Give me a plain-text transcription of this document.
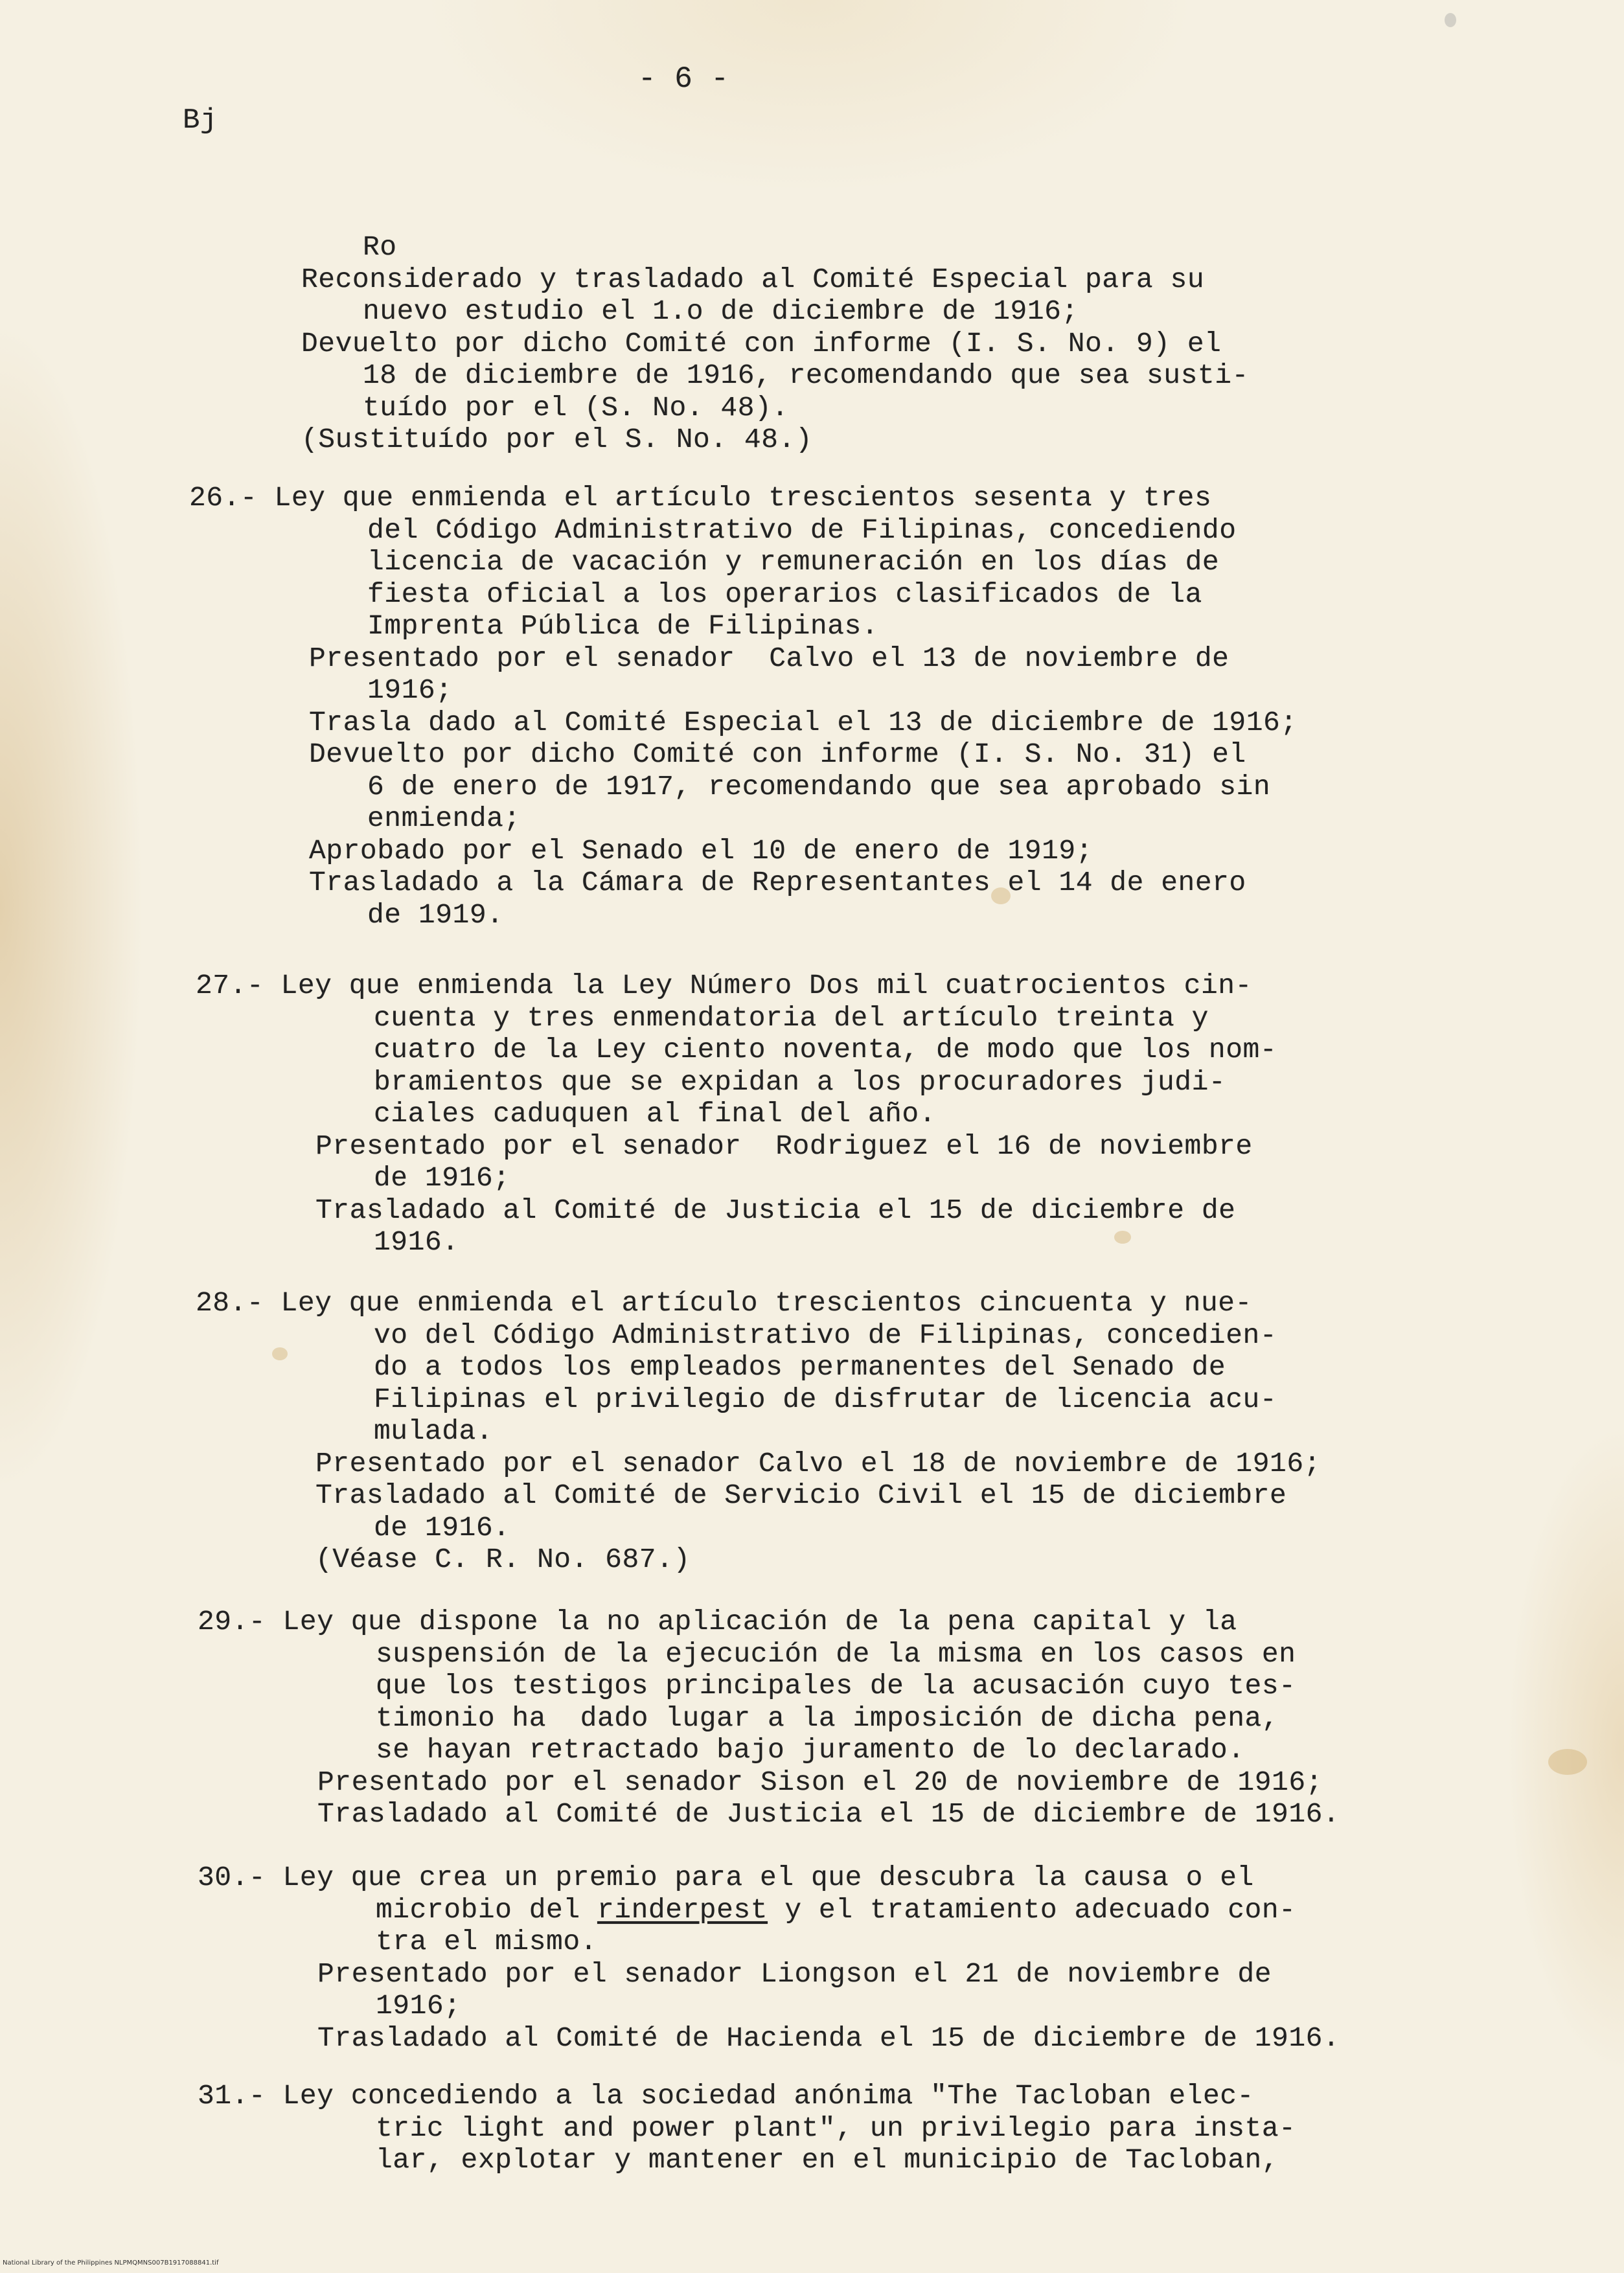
- 6 -
Bj

Ro
Reconsiderado y trasladado al Comité Especial para su
nuevo estudio el 1.o de diciembre de 1916;
Devuelto por dicho Comité con informe (I. S. No. 9) el
18 de diciembre de 1916, recomendando que sea susti-
tuído por el (S. No. 48).
(Sustituído por el S. No. 48.)

26.- Ley que enmienda el artículo trescientos sesenta y tres
del Código Administrativo de Filipinas, concediendo
licencia de vacación y remuneración en los días de
fiesta oficial a los operarios clasificados de la
Imprenta Pública de Filipinas.
Presentado por el senador  Calvo el 13 de noviembre de
1916;
Trasla dado al Comité Especial el 13 de diciembre de 1916;
Devuelto por dicho Comité con informe (I. S. No. 31) el
6 de enero de 1917, recomendando que sea aprobado sin
enmienda;
Aprobado por el Senado el 10 de enero de 1919;
Trasladado a la Cámara de Representantes el 14 de enero
de 1919.

27.- Ley que enmienda la Ley Número Dos mil cuatrocientos cin-
cuenta y tres enmendatoria del artículo treinta y
cuatro de la Ley ciento noventa, de modo que los nom-
bramientos que se expidan a los procuradores judi-
ciales caduquen al final del año.
Presentado por el senador  Rodriguez el 16 de noviembre
de 1916;
Trasladado al Comité de Justicia el 15 de diciembre de
1916.

28.- Ley que enmienda el artículo trescientos cincuenta y nue-
vo del Código Administrativo de Filipinas, concedien-
do a todos los empleados permanentes del Senado de
Filipinas el privilegio de disfrutar de licencia acu-
mulada.
Presentado por el senador Calvo el 18 de noviembre de 1916;
Trasladado al Comité de Servicio Civil el 15 de diciembre
de 1916.
(Véase C. R. No. 687.)

29.- Ley que dispone la no aplicación de la pena capital y la
suspensión de la ejecución de la misma en los casos en
que los testigos principales de la acusación cuyo tes-
timonio ha  dado lugar a la imposición de dicha pena,
se hayan retractado bajo juramento de lo declarado.
Presentado por el senador Sison el 20 de noviembre de 1916;
Trasladado al Comité de Justicia el 15 de diciembre de 1916.

30.- Ley que crea un premio para el que descubra la causa o el
microbio del rinderpest y el tratamiento adecuado con-
tra el mismo.
Presentado por el senador Liongson el 21 de noviembre de
1916;
Trasladado al Comité de Hacienda el 15 de diciembre de 1916.

31.- Ley concediendo a la sociedad anónima "The Tacloban elec-
tric light and power plant", un privilegio para insta-
lar, explotar y mantener en el municipio de Tacloban,

National Library of the Philippines NLPMQMNS007B1917088841.tif
